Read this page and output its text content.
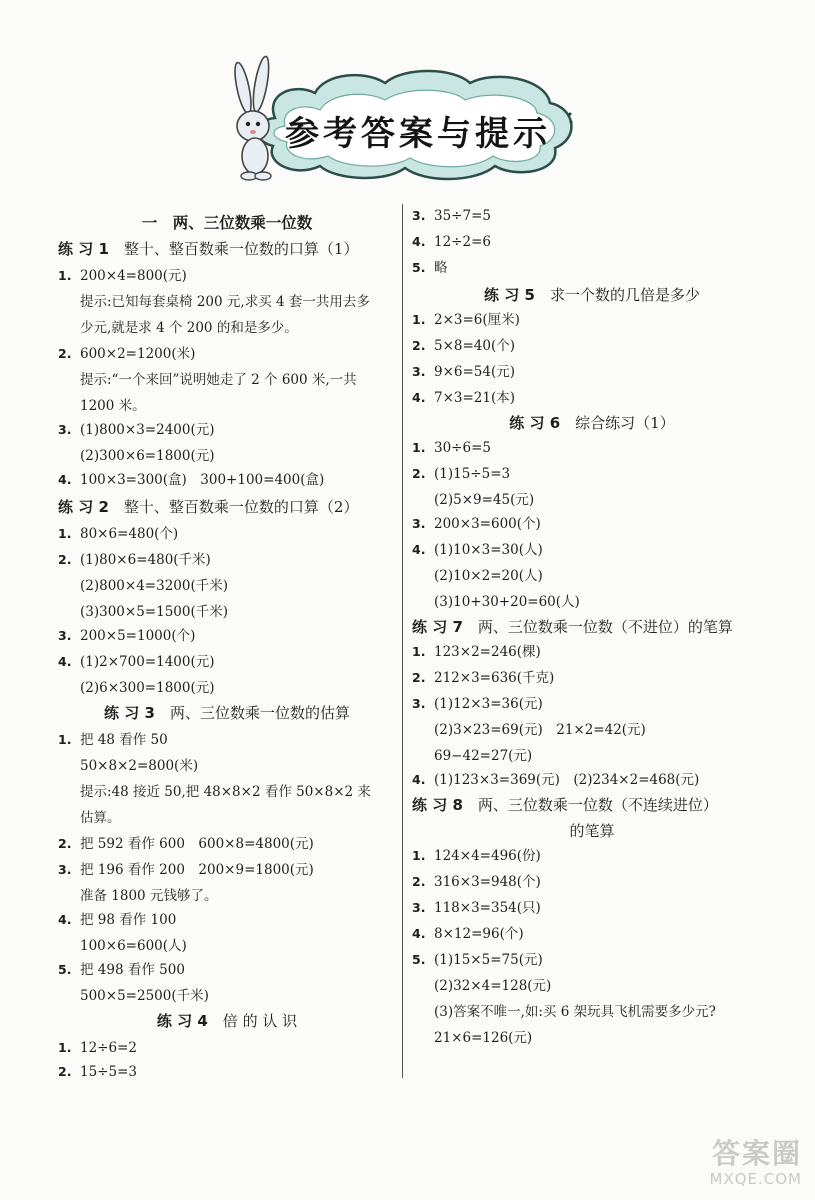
参考答案与提示
一　两、三位数乘一位数
练 习 1　 整十、整百数乘一位数的口算（1）
1. 200×4=800(元)
提示:已知每套桌椅 200 元,求买 4 套一共用去多
少元,就是求 4 个 200 的和是多少。
2. 600×2=1200(米)
提示:“一个来回”说明她走了 2 个 600 米,一共
1200 米。
3. (1)800×3=2400(元)
(2)300×6=1800(元)
4. 100×3=300(盒)　300+100=400(盒)
练 习 2　 整十、整百数乘一位数的口算（2）
1. 80×6=480(个)
2. (1)80×6=480(千米)
(2)800×4=3200(千米)
(3)300×5=1500(千米)
3. 200×5=1000(个)
4. (1)2×700=1400(元)
(2)6×300=1800(元)
练 习 3　 两、三位数乘一位数的估算
1. 把 48 看作 50
50×8×2=800(米)
提示:48 接近 50,把 48×8×2 看作 50×8×2 来
估算。
2. 把 592 看作 600　600×8=4800(元)
3. 把 196 看作 200　200×9=1800(元)
准备 1800 元钱够了。
4. 把 98 看作 100
100×6=600(人)
5. 把 498 看作 500
500×5=2500(千米)
练 习 4　 倍 的 认 识
1. 12÷6=2
2. 15÷5=3
3. 35÷7=5
4. 12÷2=6
5. 略
练 习 5　 求一个数的几倍是多少
1. 2×3=6(厘米)
2. 5×8=40(个)
3. 9×6=54(元)
4. 7×3=21(本)
练 习 6　 综合练习（1）
1. 30÷6=5
2. (1)15÷5=3
(2)5×9=45(元)
3. 200×3=600(个)
4. (1)10×3=30(人)
(2)10×2=20(人)
(3)10+30+20=60(人)
练 习 7　 两、三位数乘一位数（不进位）的笔算
1. 123×2=246(棵)
2. 212×3=636(千克)
3. (1)12×3=36(元)
(2)3×23=69(元)　21×2=42(元)
69−42=27(元)
4. (1)123×3=369(元)　(2)234×2=468(元)
练 习 8　 两、三位数乘一位数（不连续进位）
的笔算
1. 124×4=496(份)
2. 316×3=948(个)
3. 118×3=354(只)
4. 8×12=96(个)
5. (1)15×5=75(元)
(2)32×4=128(元)
(3)答案不唯一,如:买 6 架玩具飞机需要多少元?
21×6=126(元)
答案圈
MXQE.COM
